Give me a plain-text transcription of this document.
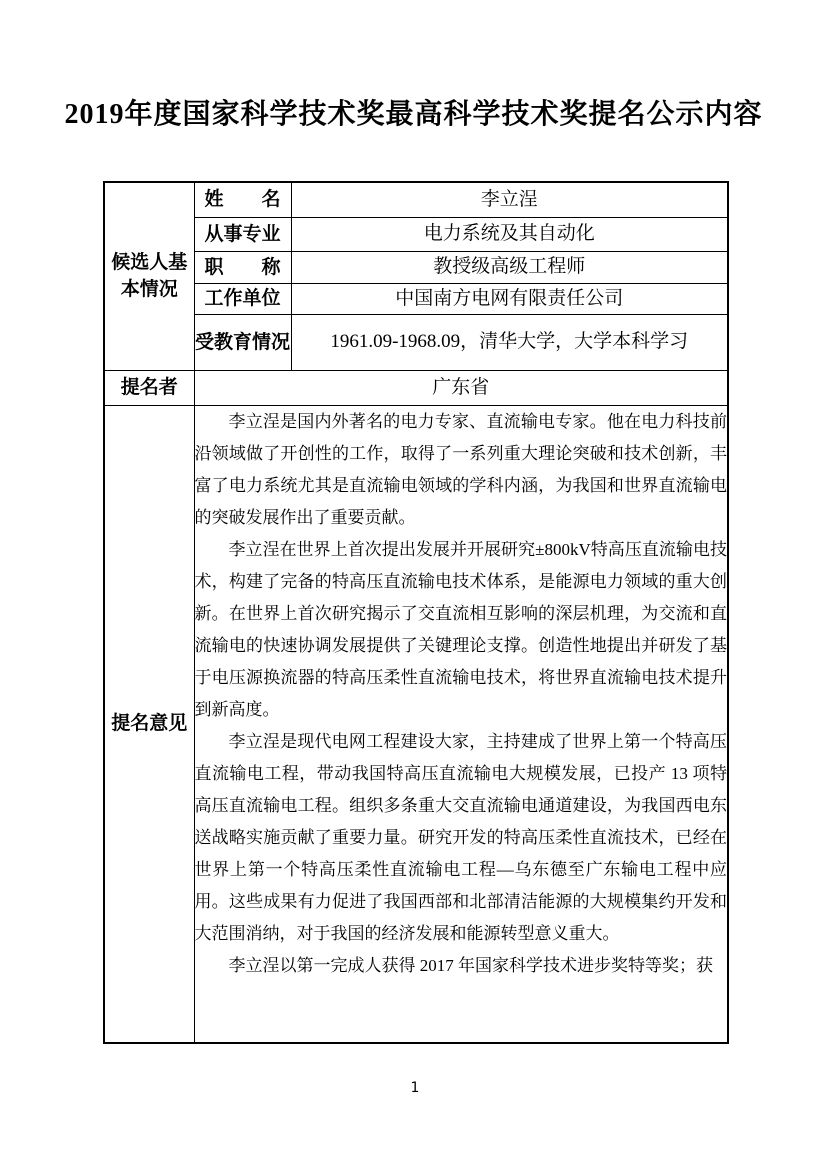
2019年度国家科学技术奖最高科学技术奖提名公示内容
候选人基本情况	姓　　名	李立浧
	从事专业	电力系统及其自动化
	职　　称	教授级高级工程师
	工作单位	中国南方电网有限责任公司
	受教育情况	1961.09-1968.09，清华大学，大学本科学习
提名者	广东省	
提名意见	李立浧是国内外著名的电力专家、直流输电专家。他在电力科技前沿领域做了开创性的工作，取得了一系列重大理论突破和技术创新，丰富了电力系统尤其是直流输电领域的学科内涵，为我国和世界直流输电的突破发展作出了重要贡献。

李立浧在世界上首次提出发展并开展研究±800kV特高压直流输电技术，构建了完备的特高压直流输电技术体系，是能源电力领域的重大创新。在世界上首次研究揭示了交直流相互影响的深层机理，为交流和直流输电的快速协调发展提供了关键理论支撑。创造性地提出并研发了基于电压源换流器的特高压柔性直流输电技术，将世界直流输电技术提升到新高度。

李立浧是现代电网工程建设大家，主持建成了世界上第一个特高压直流输电工程，带动我国特高压直流输电大规模发展，已投产 13 项特高压直流输电工程。组织多条重大交直流输电通道建设，为我国西电东送战略实施贡献了重要力量。研究开发的特高压柔性直流技术，已经在世界上第一个特高压柔性直流输电工程—乌东德至广东输电工程中应用。这些成果有力促进了我国西部和北部清洁能源的大规模集约开发和大范围消纳，对于我国的经济发展和能源转型意义重大。

李立浧以第一完成人获得 2017 年国家科学技术进步奖特等奖；获	

1
